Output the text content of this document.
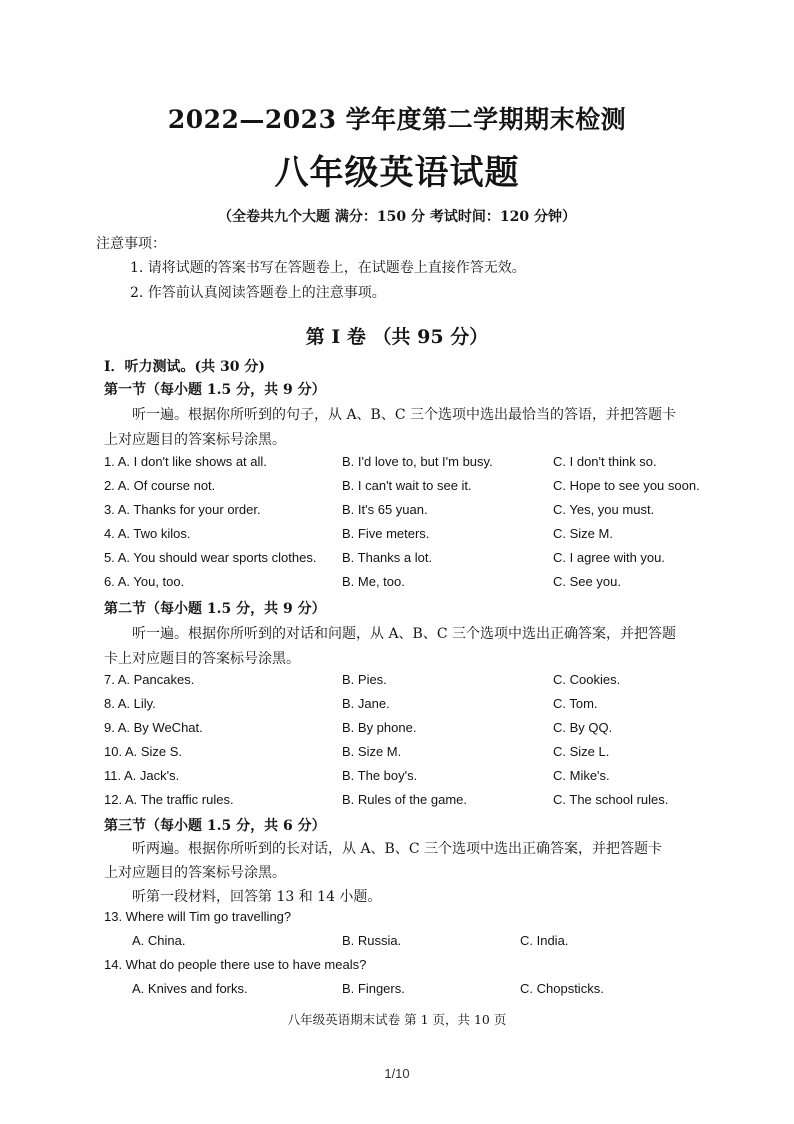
2022—2023 学年度第二学期期末检测
八年级英语试题
（全卷共九个大题 满分：150 分 考试时间：120 分钟）
注意事项：
1. 请将试题的答案书写在答题卷上，在试题卷上直接作答无效。
2. 作答前认真阅读答题卷上的注意事项。
第 I 卷 （共 95 分）
I．听力测试。(共 30 分)
第一节（每小题 1.5 分，共 9 分）
听一遍。根据你所听到的句子，从 A、B、C 三个选项中选出最恰当的答语，并把答题卡
上对应题目的答案标号涂黑。
1. A. I don't like shows at all.	B. I'd love to, but I'm busy.	C. I don't think so.
2. A. Of course not.	B. I can't wait to see it.	C. Hope to see you soon.
3. A. Thanks for your order.	B. It's 65 yuan.	C. Yes, you must.
4. A. Two kilos.	B. Five meters.	C. Size M.
5. A. You should wear sports clothes. B. Thanks a lot.	C. I agree with you.
6. A. You, too.	B. Me, too.	C. See you.
第二节（每小题 1.5 分，共 9 分）
听一遍。根据你所听到的对话和问题，从 A、B、C 三个选项中选出正确答案，并把答题
卡上对应题目的答案标号涂黑。
7. A. Pancakes.	B. Pies.	C. Cookies.
8. A. Lily.	B. Jane.	C. Tom.
9. A. By WeChat.	B. By phone.	C. By QQ.
10. A. Size S.	B. Size M.	C. Size L.
11. A. Jack's.	B. The boy's.	C. Mike's.
12. A. The traffic rules.	B. Rules of the game.	C. The school rules.
第三节（每小题 1.5 分，共 6 分）
听两遍。根据你所听到的长对话，从 A、B、C 三个选项中选出正确答案，并把答题卡
上对应题目的答案标号涂黑。
听第一段材料，回答第 13 和 14 小题。
13. Where will Tim go travelling?
A. China.	B. Russia.	C. India.
14. What do people there use to have meals?
A. Knives and forks.	B. Fingers.	C. Chopsticks.
八年级英语期末试卷 第 1 页，共 10 页
1/10
